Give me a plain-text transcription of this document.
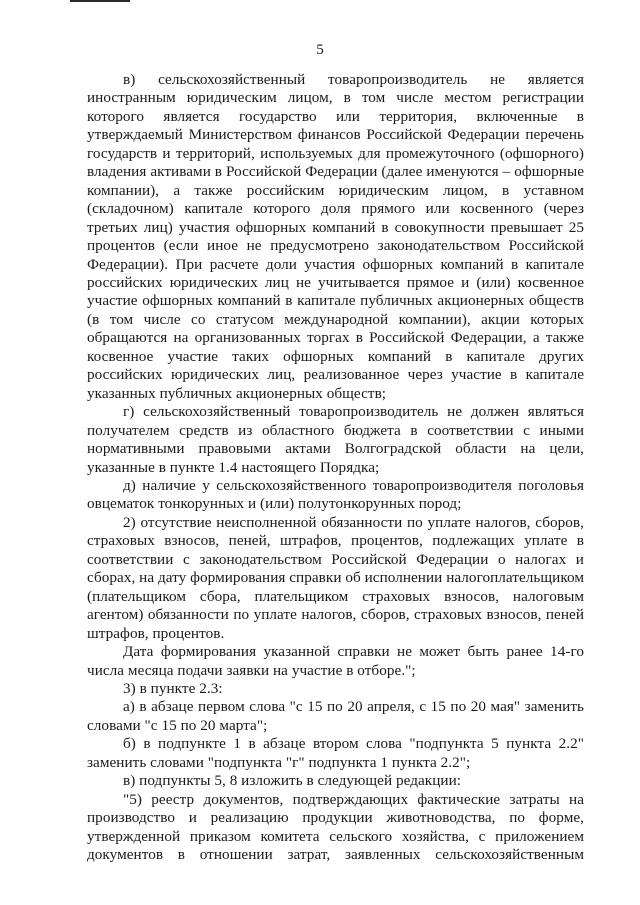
5

в) сельскохозяйственный товаропроизводитель не является иностранным юридическим лицом, в том числе местом регистрации которого является государство или территория, включенные в утверждаемый Министерством финансов Российской Федерации перечень государств и территорий, используемых для промежуточного (офшорного) владения активами в Российской Федерации (далее именуются – офшорные компании), а также российским юридическим лицом, в уставном (складочном) капитале которого доля прямого или косвенного (через третьих лиц) участия офшорных компаний в совокупности превышает 25 процентов (если иное не предусмотрено законодательством Российской Федерации). При расчете доли участия офшорных компаний в капитале российских юридических лиц не учитывается прямое и (или) косвенное участие офшорных компаний в капитале публичных акционерных обществ (в том числе со статусом международной компании), акции которых обращаются на организованных торгах в Российской Федерации, а также косвенное участие таких офшорных компаний в капитале других российских юридических лиц, реализованное через участие в капитале указанных публичных акционерных обществ;

г) сельскохозяйственный товаропроизводитель не должен являться получателем средств из областного бюджета в соответствии с иными нормативными правовыми актами Волгоградской области на цели, указанные в пункте 1.4 настоящего Порядка;

д) наличие у сельскохозяйственного товаропроизводителя поголовья овцематок тонкорунных и (или) полутонкорунных пород;

2) отсутствие неисполненной обязанности по уплате налогов, сборов, страховых взносов, пеней, штрафов, процентов, подлежащих уплате в соответствии с законодательством Российской Федерации о налогах и сборах, на дату формирования справки об исполнении налогоплательщиком (плательщиком сбора, плательщиком страховых взносов, налоговым агентом) обязанности по уплате налогов, сборов, страховых взносов, пеней штрафов, процентов.

Дата формирования указанной справки не может быть ранее 14-го числа месяца подачи заявки на участие в отборе.";

3) в пункте 2.3:

а) в абзаце первом слова "с 15 по 20 апреля, с 15 по 20 мая" заменить словами "с 15 по 20 марта";

б) в подпункте 1 в абзаце втором слова "подпункта 5 пункта 2.2" заменить словами "подпункта "г" подпункта 1 пункта 2.2";

в) подпункты 5, 8 изложить в следующей редакции:

"5) реестр документов, подтверждающих фактические затраты на производство и реализацию продукции животноводства, по форме, утвержденной приказом комитета сельского хозяйства, с приложением документов в отношении затрат, заявленных сельскохозяйственным
